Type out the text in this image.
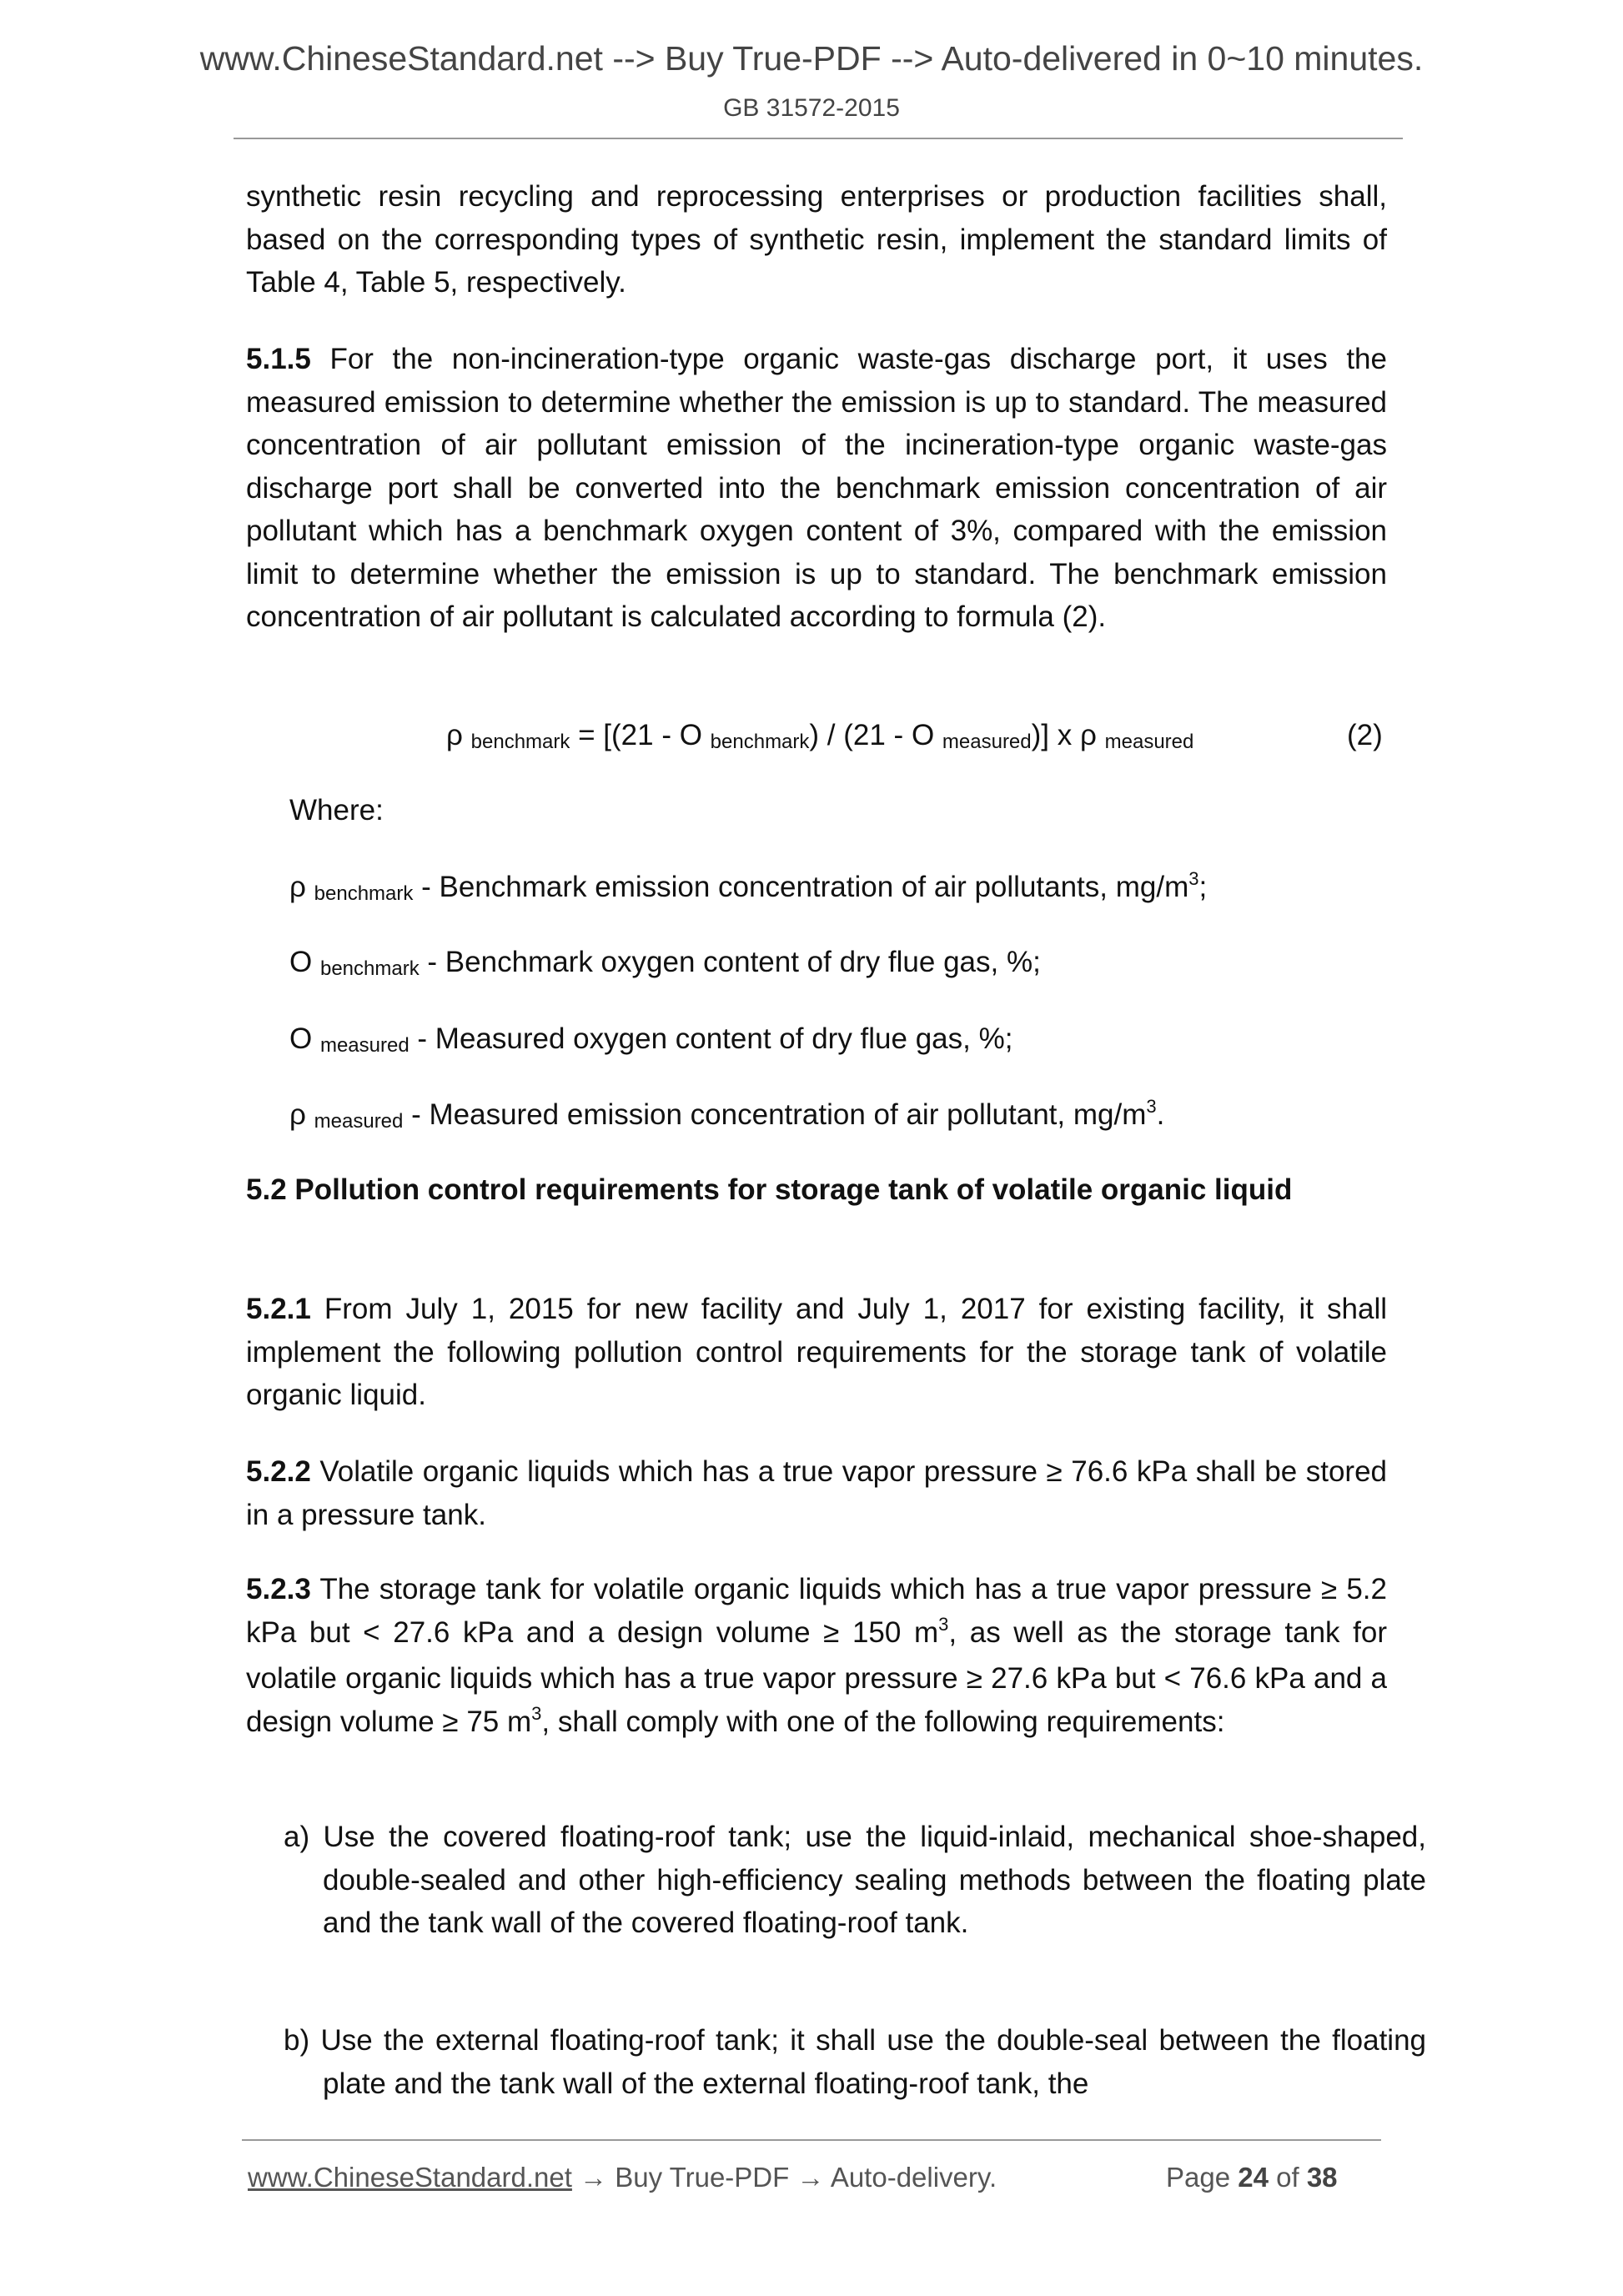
www.ChineseStandard.net --> Buy True-PDF --> Auto-delivered in 0~10 minutes.
GB 31572-2015
synthetic resin recycling and reprocessing enterprises or production facilities shall, based on the corresponding types of synthetic resin, implement the standard limits of Table 4, Table 5, respectively.
5.1.5 For the non-incineration-type organic waste-gas discharge port, it uses the measured emission to determine whether the emission is up to standard. The measured concentration of air pollutant emission of the incineration-type organic waste-gas discharge port shall be converted into the benchmark emission concentration of air pollutant which has a benchmark oxygen content of 3%, compared with the emission limit to determine whether the emission is up to standard. The benchmark emission concentration of air pollutant is calculated according to formula (2).
ρ $_{benchmark}$ = [(21 - O $_{benchmark}$) / (21 - O $_{measured}$)] x ρ $_{measured}$	(2)
Where:
ρ $_{benchmark}$ - Benchmark emission concentration of air pollutants, $mg/m^3$;
O $_{benchmark}$ - Benchmark oxygen content of dry flue gas, %;
O $_{measured}$ - Measured oxygen content of dry flue gas, %;
ρ $_{measured}$ - Measured emission concentration of air pollutant, $mg/m^3$.
5.2 Pollution control requirements for storage tank of volatile organic liquid
5.2.1 From July 1, 2015 for new facility and July 1, 2017 for existing facility, it shall implement the following pollution control requirements for the storage tank of volatile organic liquid.
5.2.2 Volatile organic liquids which has a true vapor pressure ≥ 76.6 kPa shall be stored in a pressure tank.
5.2.3 The storage tank for volatile organic liquids which has a true vapor pressure ≥ 5.2 kPa but < 27.6 kPa and a design volume ≥ 150 $m^3$, as well as the storage tank for volatile organic liquids which has a true vapor pressure ≥ 27.6 kPa but < 76.6 kPa and a design volume ≥ 75 $m^3$, shall comply with one of the following requirements:
a) Use the covered floating-roof tank; use the liquid-inlaid, mechanical shoe-shaped, double-sealed and other high-efficiency sealing methods between the floating plate and the tank wall of the covered floating-roof tank.
b) Use the external floating-roof tank; it shall use the double-seal between the floating plate and the tank wall of the external floating-roof tank, the
www.ChineseStandard.net → Buy True-PDF → Auto-delivery.	Page 24 of 38
